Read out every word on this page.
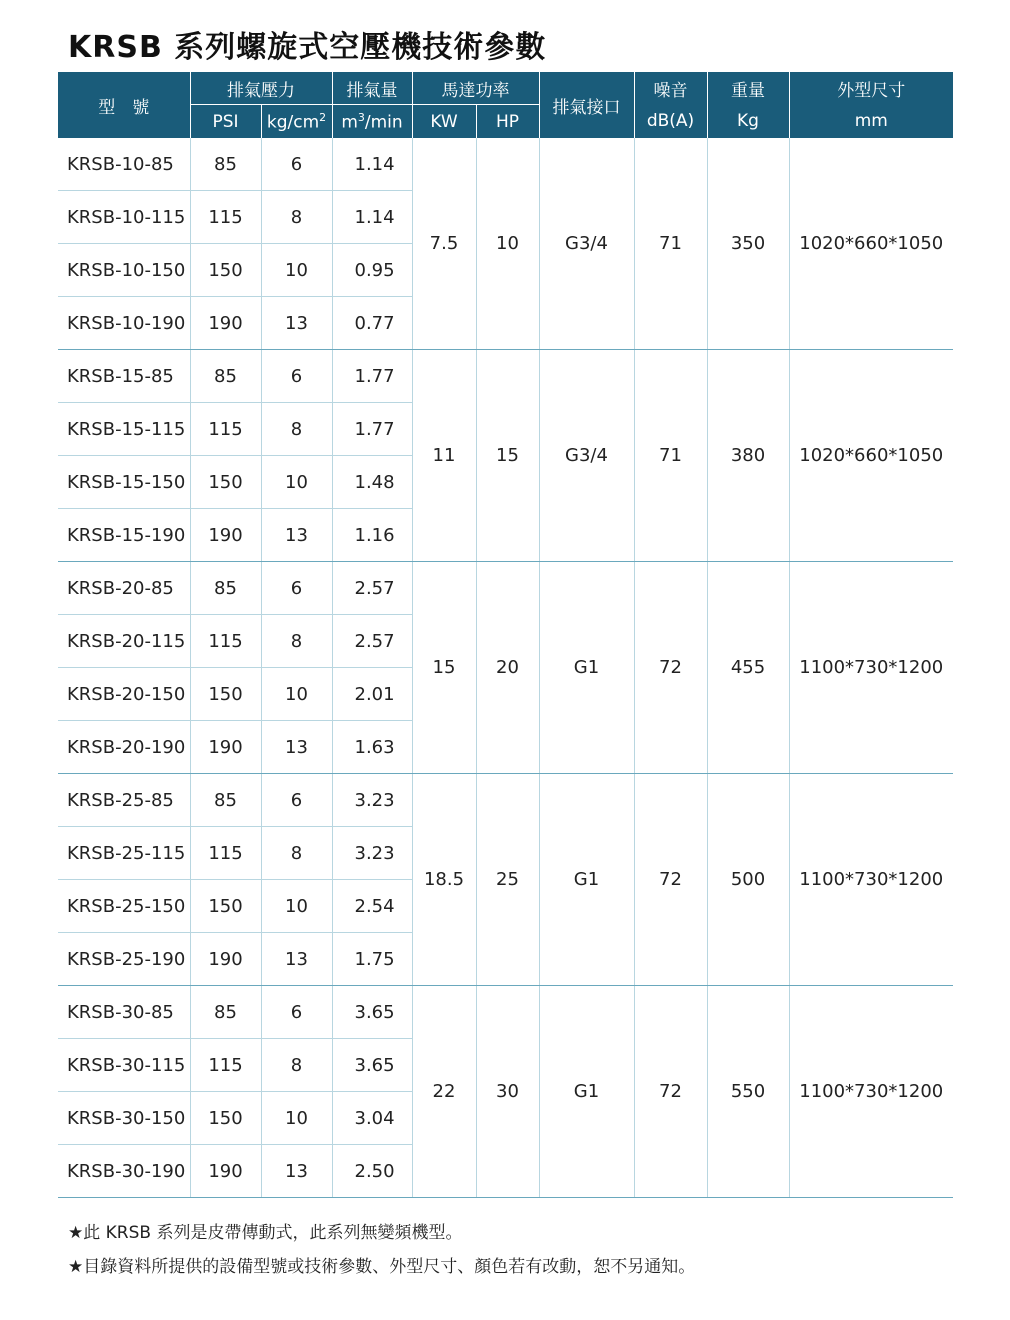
KRSB 系列螺旋式空壓機技術參數
型　號	排氣壓力		排氣量	馬達功率		排氣接口	噪音	重量	外型尺寸
	PSI	$kg/cm^2$	$m^3/\min$	KW	HP		dB(A)	Kg	mm
KRSB-10-85	85	6	1.14	7.5	10	G3/4	71	350	1020*660*1050
KRSB-10-115	115	8	1.14						
KRSB-10-150	150	10	0.95						
KRSB-10-190	190	13	0.77						
KRSB-15-85	85	6	1.77	11	15	G3/4	71	380	1020*660*1050
KRSB-15-115	115	8	1.77						
KRSB-15-150	150	10	1.48						
KRSB-15-190	190	13	1.16						
KRSB-20-85	85	6	2.57	15	20	G1	72	455	1100*730*1200
KRSB-20-115	115	8	2.57						
KRSB-20-150	150	10	2.01						
KRSB-20-190	190	13	1.63						
KRSB-25-85	85	6	3.23	18.5	25	G1	72	500	1100*730*1200
KRSB-25-115	115	8	3.23						
KRSB-25-150	150	10	2.54						
KRSB-25-190	190	13	1.75						
KRSB-30-85	85	6	3.65	22	30	G1	72	550	1100*730*1200
KRSB-30-115	115	8	3.65						
KRSB-30-150	150	10	3.04						
KRSB-30-190	190	13	2.50						
★此 KRSB 系列是皮帶傳動式，此系列無變頻機型。
★目錄資料所提供的設備型號或技術參數、外型尺寸、顏色若有改動，恕不另通知。
